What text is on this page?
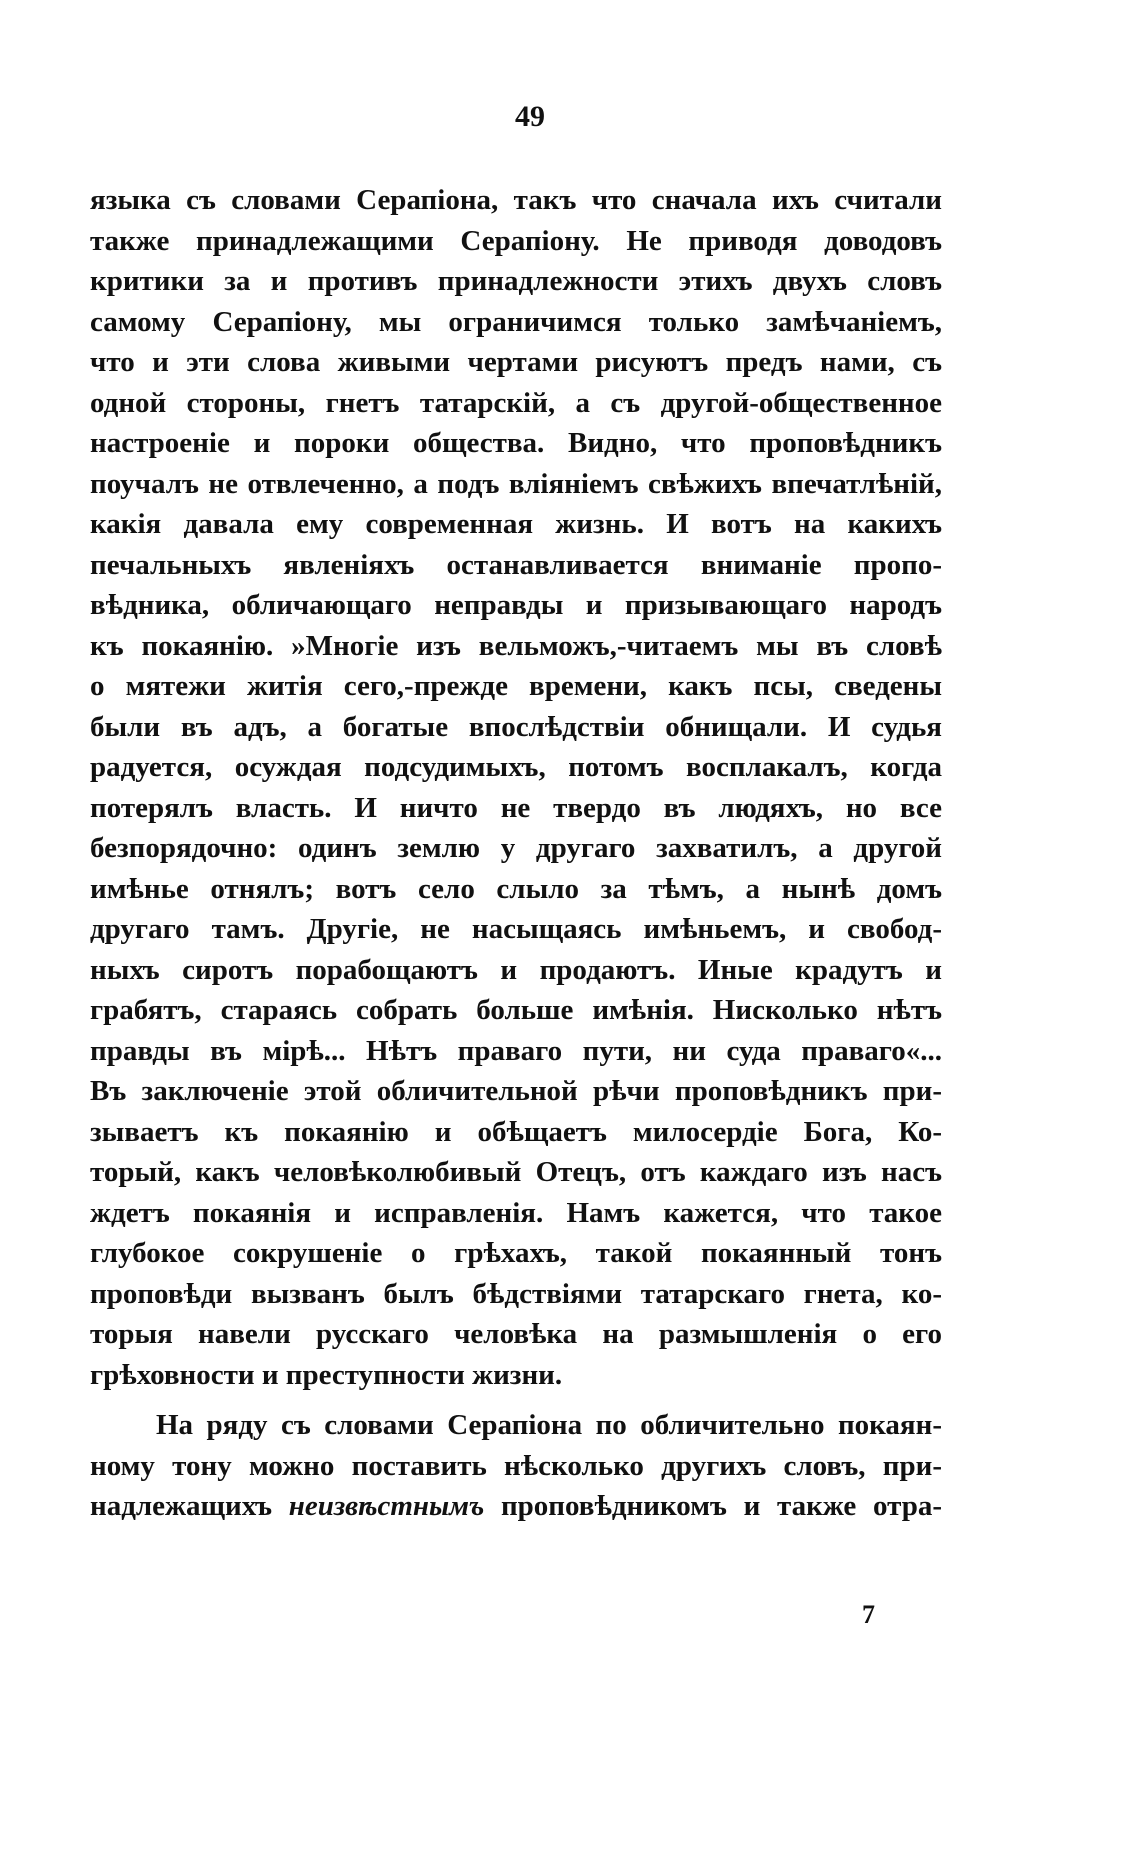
49
языка съ словами Серапіона, такъ что сначала ихъ считали
также принадлежащими Серапіону. Не приводя доводовъ
критики за и противъ принадлежности этихъ двухъ словъ
самому Серапіону, мы ограничимся только замѣчаніемъ,
что и эти слова живыми чертами рисуютъ предъ нами, съ
одной стороны, гнетъ татарскій, а съ другой-общественное
настроеніе и пороки общества. Видно, что проповѣдникъ
поучалъ не отвлеченно, а подъ вліяніемъ свѣжихъ впечатлѣній,
какія давала ему современная жизнь. И вотъ на какихъ
печальныхъ явленіяхъ останавливается вниманіе пропо-
вѣдника, обличающаго неправды и призывающаго народъ
къ покаянію. »Многіе изъ вельможъ,-читаемъ мы въ словѣ
о мятежи житія сего,-прежде времени, какъ псы, сведены
были въ адъ, а богатые впослѣдствіи обнищали. И судья
радуется, осуждая подсудимыхъ, потомъ восплакалъ, когда
потерялъ власть. И ничто не твердо въ людяхъ, но все
безпорядочно: одинъ землю у другаго захватилъ, а другой
имѣнье отнялъ; вотъ село слыло за тѣмъ, а нынѣ домъ
другаго тамъ. Другіе, не насыщаясь имѣньемъ, и свобод-
ныхъ сиротъ порабощаютъ и продаютъ. Иные крадутъ и
грабятъ, стараясь собрать больше имѣнія. Нисколько нѣтъ
правды въ мірѣ... Нѣтъ праваго пути, ни суда праваго«...
Въ заключеніе этой обличительной рѣчи проповѣдникъ при-
зываетъ къ покаянію и обѣщаетъ милосердіе Бога, Ко-
торый, какъ человѣколюбивый Отецъ, отъ каждаго изъ насъ
ждетъ покаянія и исправленія. Намъ кажется, что такое
глубокое сокрушеніе о грѣхахъ, такой покаянный тонъ
проповѣди вызванъ былъ бѣдствіями татарскаго гнета, ко-
торыя навели русскаго человѣка на размышленія о его
грѣховности и преступности жизни.
На ряду съ словами Серапіона по обличительно покаян-
ному тону можно поставить нѣсколько другихъ словъ, при-
надлежащихъ неизвѣстнымъ проповѣдникомъ и также отра-
7
